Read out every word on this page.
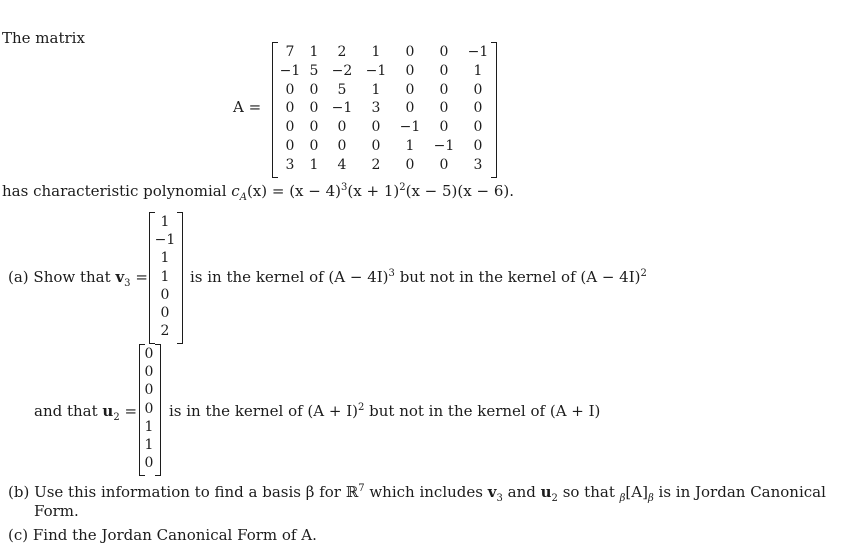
The matrix
A =
7	1	2	1	0	0	−1
−1 5 −2 −1	0	0	1
0	0	5	1	0	0	0
0	0 −1	3	0	0	0
0	0	0	0	−1	0	0
0	0	0	0	1	−1	0
3	1	4	2	0	0	3
has characteristic polynomial $c_A(x) = (x - 4)^3(x + 1)^2(x - 5)(x - 6)$.
(a) Show that $v_3$ =
1
−1
1
1
0
0
2
is in the kernel of $(A - 4I)^3$ but not in the kernel of $(A - 4I)^2$
and that $u_2$ =
0
0
0
0
1
1
0
is in the kernel of $(A + I)^2$ but not in the kernel of (A + I)
(b) Use this information to find a basis β for ℝ$^7$ which includes $v_3$ and $u_2$ so that $_\beta[A]_\beta$ is in Jordan Canonical
Form.
(c) Find the Jordan Canonical Form of A.
